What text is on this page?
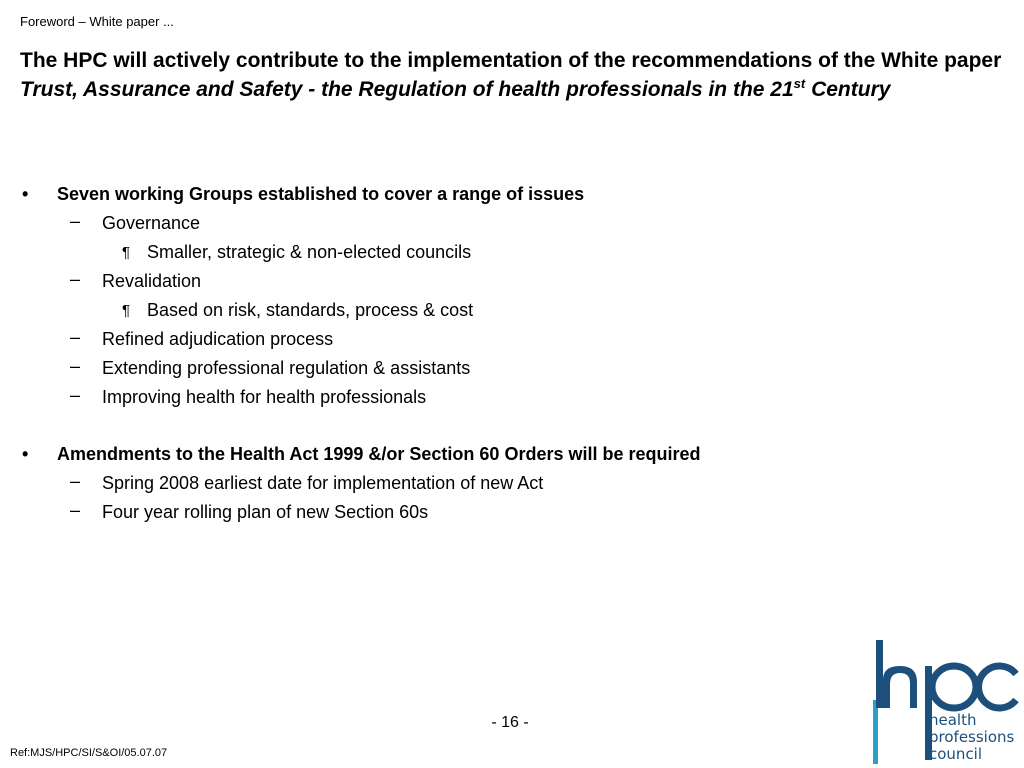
Foreword – White paper ...
The HPC will actively contribute to the implementation of the recommendations of the White paper  Trust, Assurance and Safety - the Regulation of health professionals in the 21st Century
• Seven working Groups established to cover a range of issues
– Governance
¶ Smaller, strategic & non-elected councils
– Revalidation
¶ Based on risk, standards, process & cost
– Refined adjudication process
– Extending professional regulation & assistants
– Improving health for health professionals
• Amendments to the Health Act 1999 &/or Section 60 Orders will be required
– Spring 2008 earliest date for implementation of new Act
– Four year rolling plan of new Section 60s
- 16 -
Ref:MJS/HPC/SI/S&OI/05.07.07
health
professions
council
